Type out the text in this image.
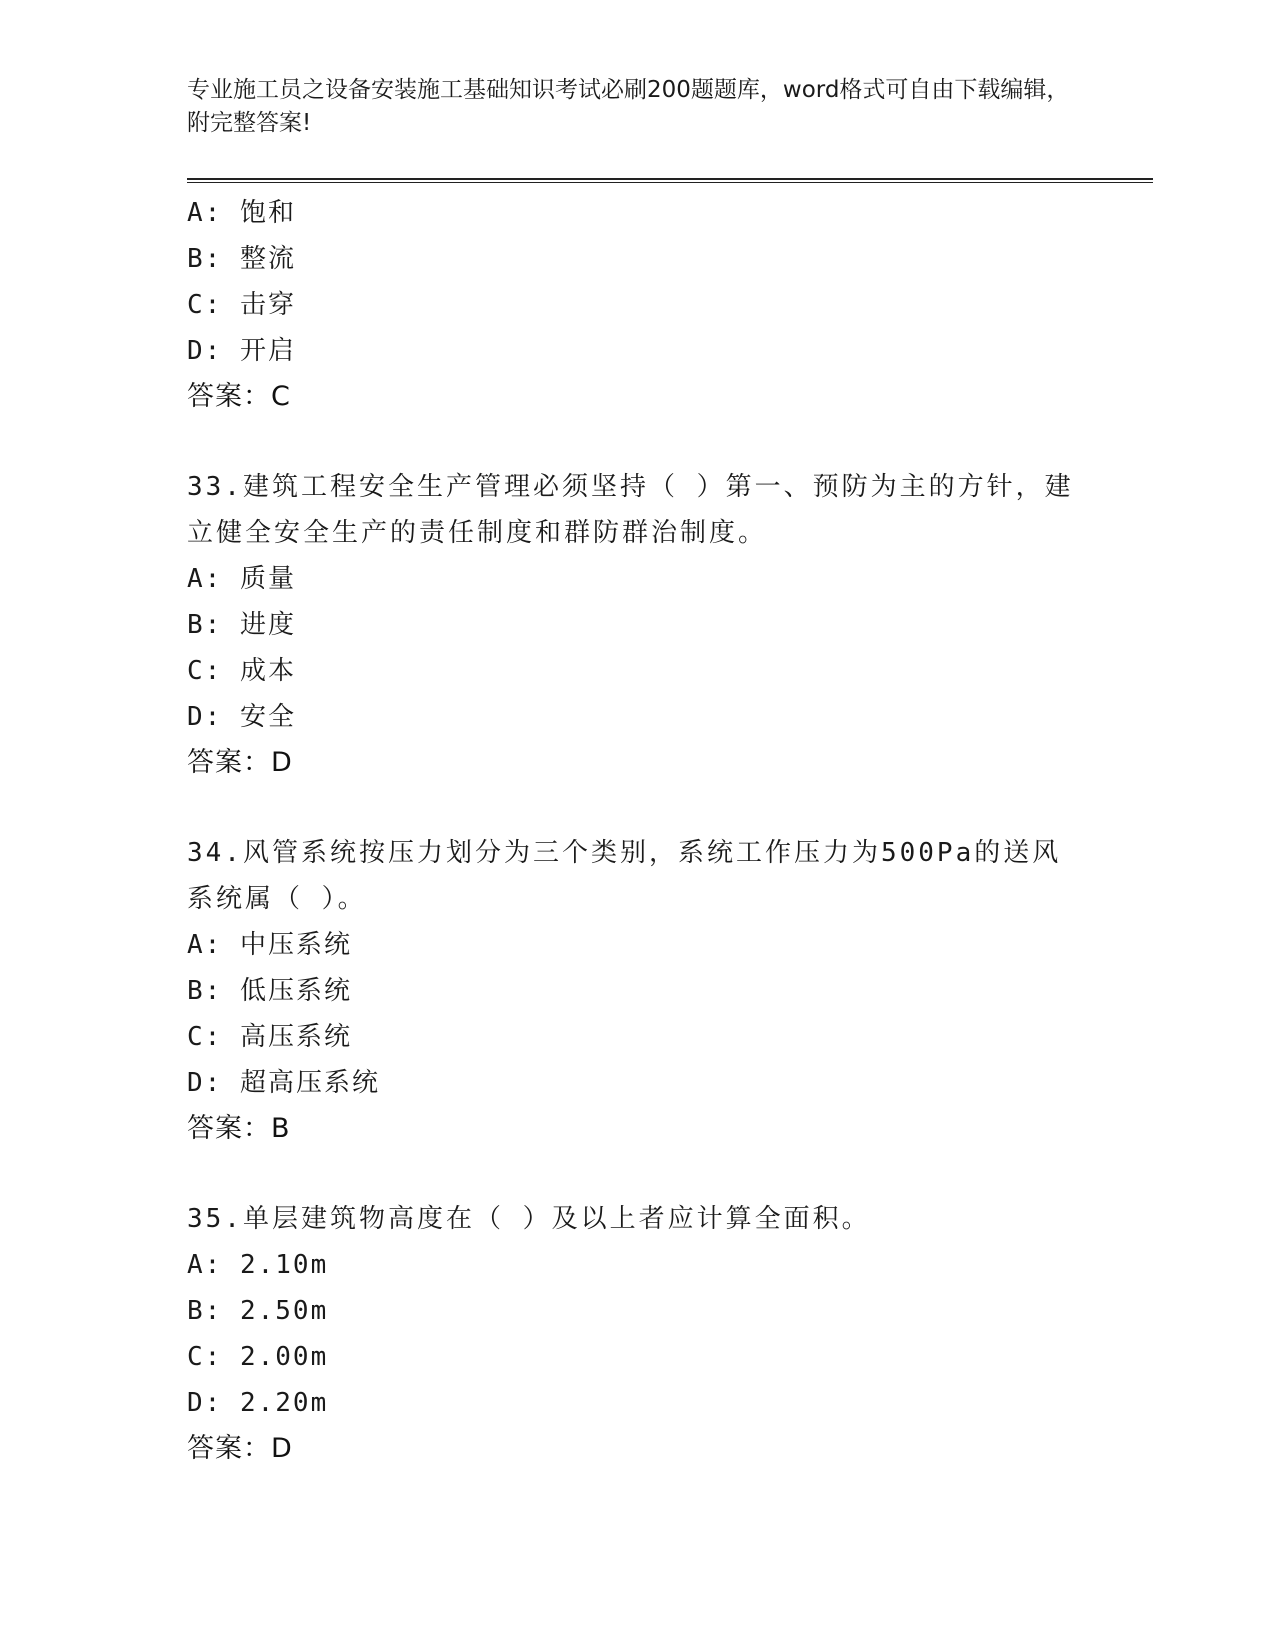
专业施工员之设备安装施工基础知识考试必刷200题题库，word格式可自由下载编辑，附完整答案!
A: 饱和
B: 整流
C: 击穿
D: 开启
答案：C
33.建筑工程安全生产管理必须坚持（ ）第一、预防为主的方针，建立健全安全生产的责任制度和群防群治制度。
A: 质量
B: 进度
C: 成本
D: 安全
答案：D
34.风管系统按压力划分为三个类别，系统工作压力为500Pa的送风系统属（ ）。
A: 中压系统
B: 低压系统
C: 高压系统
D: 超高压系统
答案：B
35.单层建筑物高度在（ ）及以上者应计算全面积。
A: 2.10m
B: 2.50m
C: 2.00m
D: 2.20m
答案：D
